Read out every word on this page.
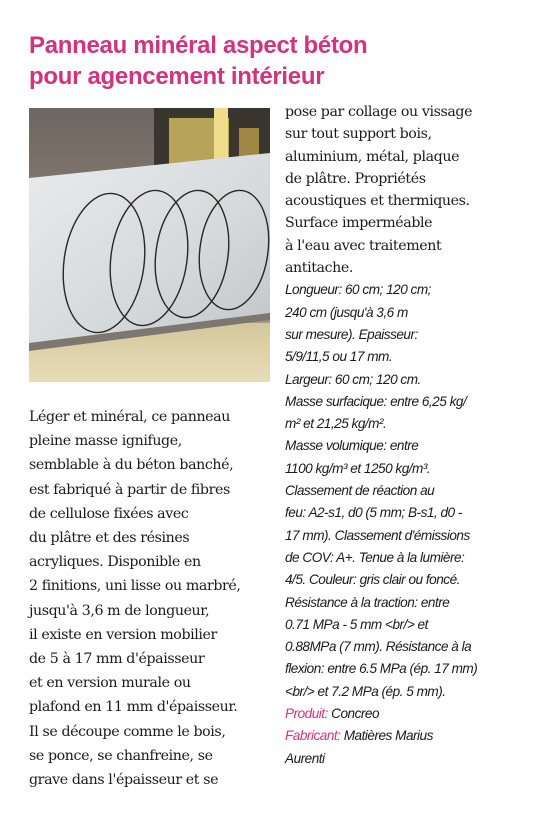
Panneau minéral aspect béton
pour agencement intérieur
Léger et minéral, ce panneau
pleine masse ignifuge,
semblable à du béton banché,
est fabriqué à partir de fibres
de cellulose fixées avec
du plâtre et des résines
acryliques. Disponible en
2 finitions, uni lisse ou marbré,
jusqu'à 3,6 m de longueur,
il existe en version mobilier
de 5 à 17 mm d'épaisseur
et en version murale ou
plafond en 11 mm d'épaisseur.
Il se découpe comme le bois,
se ponce, se chanfreine, se
grave dans l'épaisseur et se
pose par collage ou vissage
sur tout support bois,
aluminium, métal, plaque
de plâtre. Propriétés
acoustiques et thermiques.
Surface imperméable
à l'eau avec traitement
antitache.
Longueur: 60 cm; 120 cm;
240 cm (jusqu'à 3,6 m
sur mesure). Epaisseur:
5/9/11,5 ou 17 mm.
Largeur: 60 cm; 120 cm.
Masse surfacique: entre 6,25 kg/
m² et 21,25 kg/m².
Masse volumique: entre
1100 kg/m³ et 1250 kg/m³.
Classement de réaction au
feu: A2-s1, d0 (5 mm; B-s1, d0 -
17 mm). Classement d'émissions
de COV: A+. Tenue à la lumière:
4/5. Couleur: gris clair ou foncé.
Résistance à la traction: entre
0.71 MPa - 5 mm <br/> et
0.88MPa (7 mm). Résistance à la
flexion: entre 6.5 MPa (ép. 17 mm)
<br/> et 7.2 MPa (ép. 5 mm).
Produit: Concreo
Fabricant: Matières Marius
Aurenti
